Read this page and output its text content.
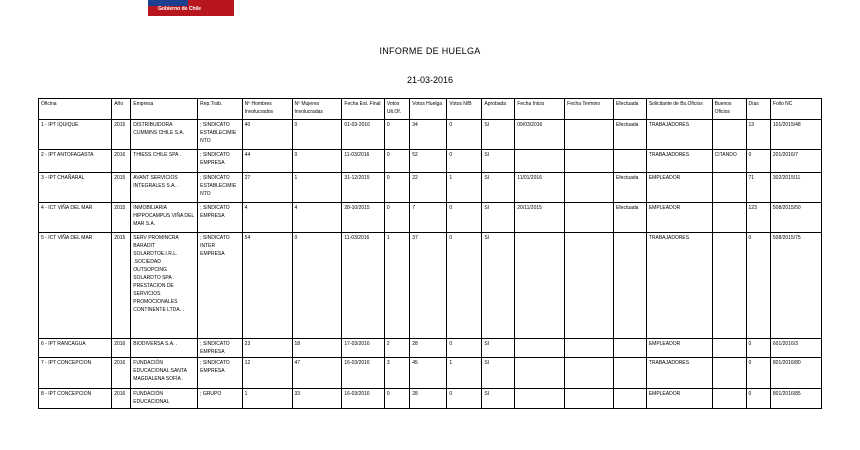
Gobierno de Chile
INFORME DE HUELGA
21-03-2016
Oficina	Año	Empresa	Rep.Trab.	Nº Hombres Involucrados	Nº Mujeres Involucradas	Fecha Est. Final	Votos Ult.Of.	Votos Huelga	Votos N/B	Aprobada	Fecha Inicio	Fecha Termino	Efectuada	Solicitante de Bs.Oficios	Buenos Oficios	Días	Folio NC
1 - IPT IQUIQUE	2015	DISTRIBUIDORA CUMMINS CHILE S.A.	; SINDICATO ESTABLECIMIENTO	40	0	01-03-2016	0	34	0	SI	09/03/2016		Efectuada	TRABAJADORES		13	101/2015/48
2 - IPT ANTOFAGASTA	2016	THIESS CHILE SPA .	; SINDICATO EMPRESA	44	0	11-03/2016	0	52	0	SI				TRABAJADORES	CITANDO	0	201/2016/7
3 - IPT CHAÑARAL	2015	AVANT SERVICIOS INTEGRALES S.A. .	; SINDICATO ESTABLECIMIENTO	27	1	31-12/2015	0	22	1	SI	11/01/2016		Efectuada	EMPLEADOR		71	302/2015/11
4 - ICT VIÑA DEL MAR	2015	INMOBILIARIA HIPPOCAMPUS VIÑA DEL MAR S.A.	; SINDICATO EMPRESA	4	4	28-10/2015	0	7	0	SI	20/11/2015		Efectuada	EMPLEADOR		123	508/2015/50
5 - ICT VIÑA DEL MAR	2015	SERV PROMINCRA BARADIT SOLARDTOE.I.R.L. .SOCIEDAD OUTSOPCING SOLARDTO SPA . PRESTACION DE SERVICIOS PROMOCIONALES CONTINENTE LTDA. .	; SINDICATO INTER EMPRESA	54	0	11-03/2016	1	37	0	SI				TRABAJADORES		0	508/2015/75
6 - IPT RANCAGUA	2016	BIODIVERSA S.A. .	; SINDICATO EMPRESA	23	18	17-03/2016	2	28	0	SI				EMPLEADOR		0	601/2016/3
7 - IPT CONCEPCION	2016	FUNDACIÓN EDUCACIONAL SANTA MAGDALENA SOFÍA .	; SINDICATO EMPRESA	12	47	16-03/2016	3	45	1	SI				TRABAJADORES		0	801/2016/80
8 - IPT CONCEPCION	2016	FUNDACIÓN EDUCACIONAL	; GRUPO	1	33	16-03/2016	0	28	0	SI				EMPLEADOR		0	801/2016/85
